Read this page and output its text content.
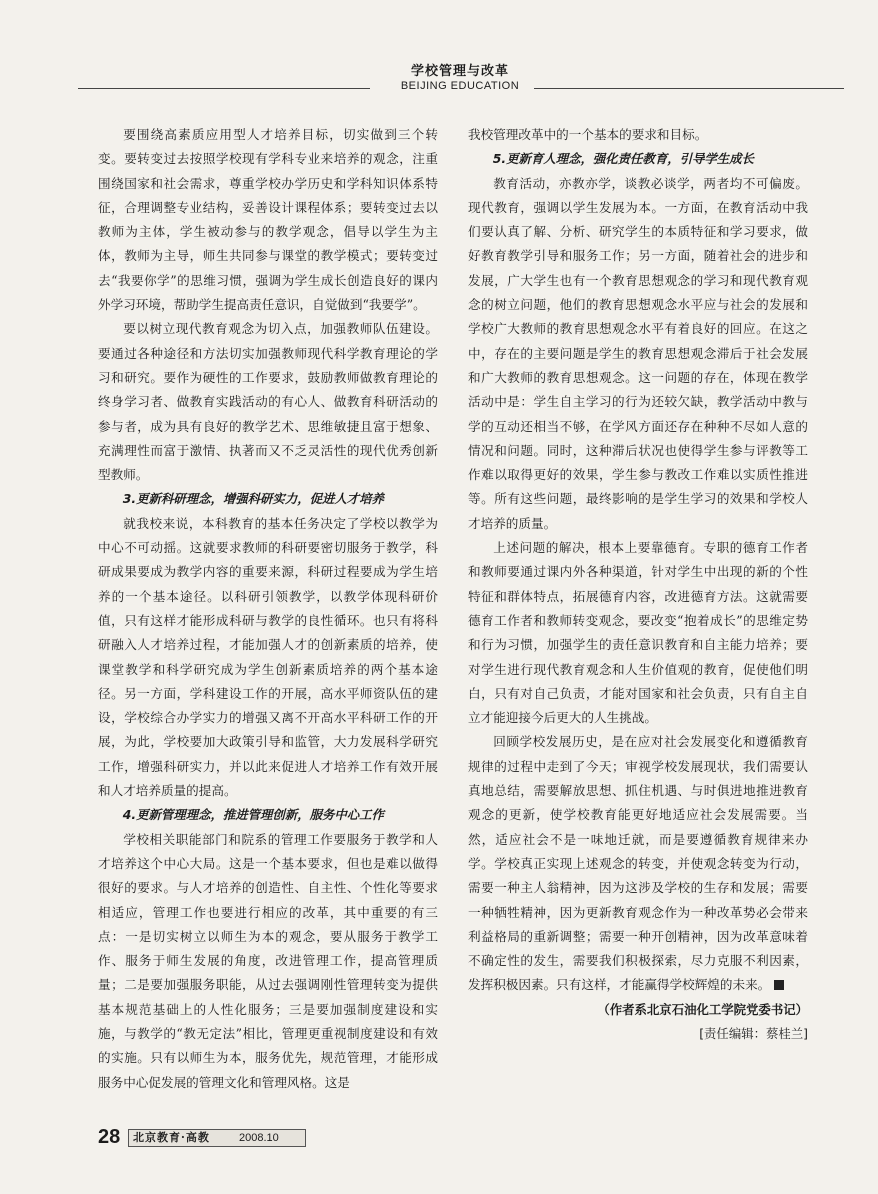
学校管理与改革
BEIJING EDUCATION

要围绕高素质应用型人才培养目标，切实做到三个转变。要转变过去按照学校现有学科专业来培养的观念，注重围绕国家和社会需求，尊重学校办学历史和学科知识体系特征，合理调整专业结构，妥善设计课程体系；要转变过去以教师为主体，学生被动参与的教学观念，倡导以学生为主体，教师为主导，师生共同参与课堂的教学模式；要转变过去“我要你学”的思维习惯，强调为学生成长创造良好的课内外学习环境，帮助学生提高责任意识，自觉做到“我要学”。

要以树立现代教育观念为切入点，加强教师队伍建设。要通过各种途径和方法切实加强教师现代科学教育理论的学习和研究。要作为硬性的工作要求，鼓励教师做教育理论的终身学习者、做教育实践活动的有心人、做教育科研活动的参与者，成为具有良好的教学艺术、思维敏捷且富于想象、充满理性而富于激情、执著而又不乏灵活性的现代优秀创新型教师。

3.更新科研理念，增强科研实力，促进人才培养

就我校来说，本科教育的基本任务决定了学校以教学为中心不可动摇。这就要求教师的科研要密切服务于教学，科研成果要成为教学内容的重要来源，科研过程要成为学生培养的一个基本途径。以科研引领教学，以教学体现科研价值，只有这样才能形成科研与教学的良性循环。也只有将科研融入人才培养过程，才能加强人才的创新素质的培养，使课堂教学和科学研究成为学生创新素质培养的两个基本途径。另一方面，学科建设工作的开展，高水平师资队伍的建设，学校综合办学实力的增强又离不开高水平科研工作的开展，为此，学校要加大政策引导和监管，大力发展科学研究工作，增强科研实力，并以此来促进人才培养工作有效开展和人才培养质量的提高。

4.更新管理理念，推进管理创新，服务中心工作

学校相关职能部门和院系的管理工作要服务于教学和人才培养这个中心大局。这是一个基本要求，但也是难以做得很好的要求。与人才培养的创造性、自主性、个性化等要求相适应，管理工作也要进行相应的改革，其中重要的有三点：一是切实树立以师生为本的观念，要从服务于教学工作、服务于师生发展的角度，改进管理工作，提高管理质量；二是要加强服务职能，从过去强调刚性管理转变为提供基本规范基础上的人性化服务；三是要加强制度建设和实施，与教学的“教无定法”相比，管理更重视制度建设和有效的实施。只有以师生为本，服务优先，规范管理，才能形成服务中心促发展的管理文化和管理风格。这是

我校管理改革中的一个基本的要求和目标。

5.更新育人理念，强化责任教育，引导学生成长

教育活动，亦教亦学，谈教必谈学，两者均不可偏废。现代教育，强调以学生发展为本。一方面，在教育活动中我们要认真了解、分析、研究学生的本质特征和学习要求，做好教育教学引导和服务工作；另一方面，随着社会的进步和发展，广大学生也有一个教育思想观念的学习和现代教育观念的树立问题，他们的教育思想观念水平应与社会的发展和学校广大教师的教育思想观念水平有着良好的回应。在这之中，存在的主要问题是学生的教育思想观念滞后于社会发展和广大教师的教育思想观念。这一问题的存在，体现在教学活动中是：学生自主学习的行为还较欠缺，教学活动中教与学的互动还相当不够，在学风方面还存在种种不尽如人意的情况和问题。同时，这种滞后状况也使得学生参与评教等工作难以取得更好的效果，学生参与教改工作难以实质性推进等。所有这些问题，最终影响的是学生学习的效果和学校人才培养的质量。

上述问题的解决，根本上要靠德育。专职的德育工作者和教师要通过课内外各种渠道，针对学生中出现的新的个性特征和群体特点，拓展德育内容，改进德育方法。这就需要德育工作者和教师转变观念，要改变“抱着成长”的思维定势和行为习惯，加强学生的责任意识教育和自主能力培养；要对学生进行现代教育观念和人生价值观的教育，促使他们明白，只有对自己负责，才能对国家和社会负责，只有自主自立才能迎接今后更大的人生挑战。

回顾学校发展历史，是在应对社会发展变化和遵循教育规律的过程中走到了今天；审视学校发展现状，我们需要认真地总结，需要解放思想、抓住机遇、与时俱进地推进教育观念的更新，使学校教育能更好地适应社会发展需要。当然，适应社会不是一味地迁就，而是要遵循教育规律来办学。学校真正实现上述观念的转变，并使观念转变为行动，需要一种主人翁精神，因为这涉及学校的生存和发展；需要一种牺牲精神，因为更新教育观念作为一种改革势必会带来利益格局的重新调整；需要一种开创精神，因为改革意味着不确定性的发生，需要我们积极探索，尽力克服不利因素，发挥积极因素。只有这样，才能赢得学校辉煌的未来。

（作者系北京石油化工学院党委书记）

[责任编辑：蔡桂兰]

28 北京教育·高教	2008.10
